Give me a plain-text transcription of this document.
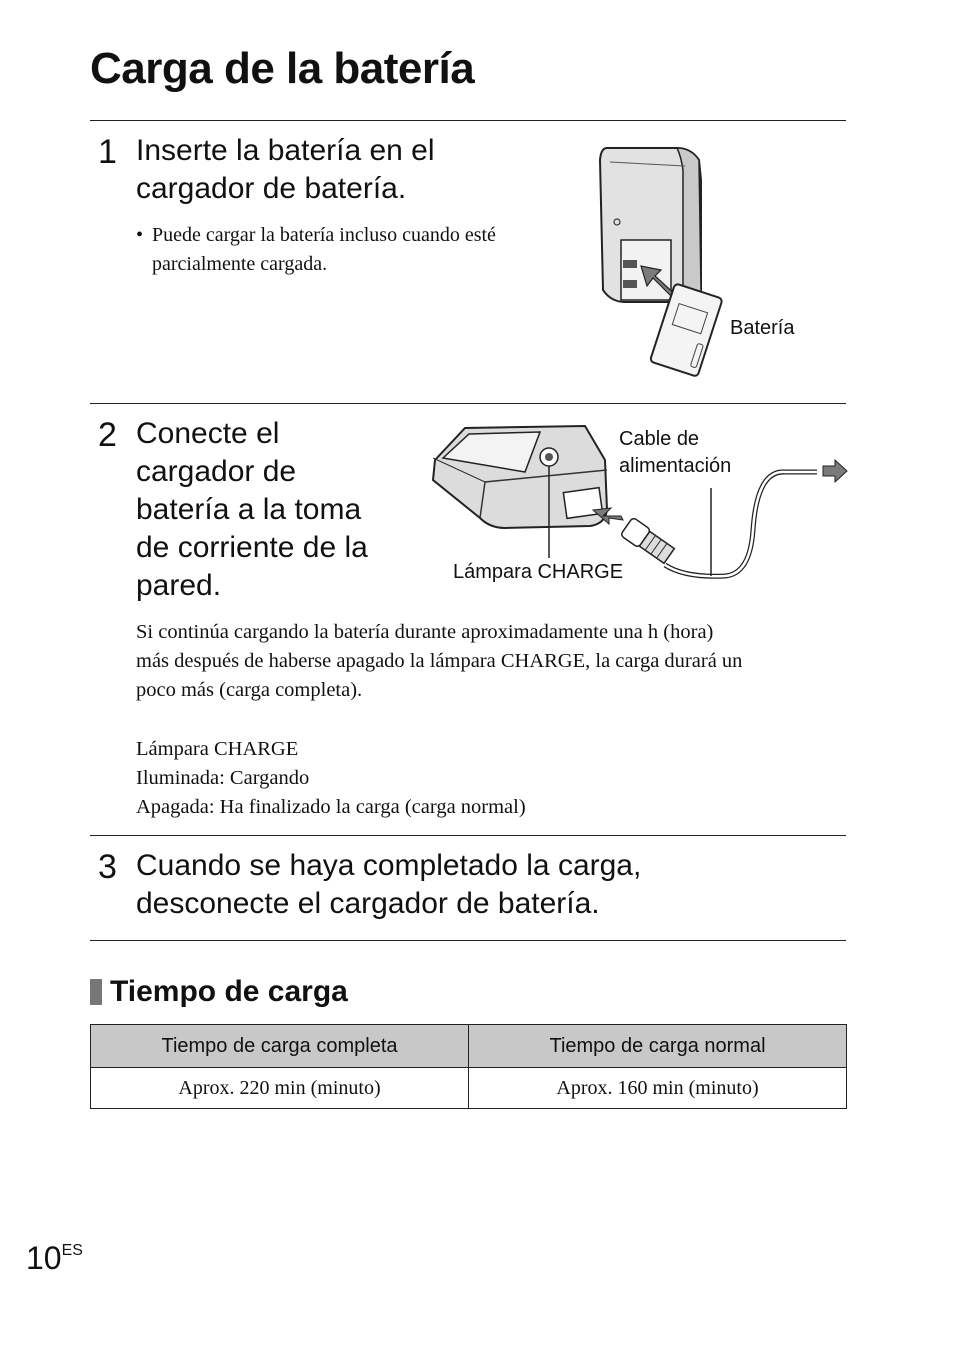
Carga de la batería
1 Inserte la batería en el
cargador de batería.
• Puede cargar la batería incluso cuando esté parcialmente cargada.
Batería
2 Conecte el
cargador de
batería a la toma
de corriente de la
pared.
Cable de
alimentación
Lámpara CHARGE
Si continúa cargando la batería durante aproximadamente una h (hora)
más después de haberse apagado la lámpara CHARGE, la carga durará un
poco más (carga completa).
Lámpara CHARGE
Iluminada: Cargando
Apagada: Ha finalizado la carga (carga normal)
3 Cuando se haya completado la carga,
desconecte el cargador de batería.
Tiempo de carga
Tiempo de carga completa	Tiempo de carga normal
Aprox. 220 min (minuto)	Aprox. 160 min (minuto)
$10^{ES}$
